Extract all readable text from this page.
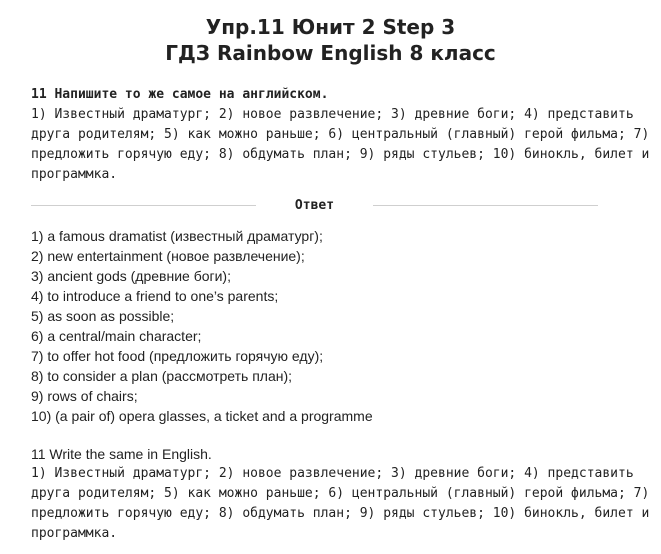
Упр.11 Юнит 2 Step 3
ГДЗ Rainbow English 8 класс

11 Напишите то же самое на английском.

1) Известный драматург; 2) новое развлечение; 3) древние боги; 4) представить
друга родителям; 5) как можно раньше; 6) центральный (главный) герой фильма; 7)
предложить горячую еду; 8) обдумать план; 9) ряды стульев; 10) бинокль, билет и
программка.

Ответ
1) a famous dramatist (известный драматург);
2) new entertainment (новое развлечение);
3) ancient gods (древние боги);
4) to introduce a friend to one’s parents;
5) as soon as possible;
6) a central/main character;
7) to offer hot food (предложить горячую еду);
8) to consider a plan (рассмотреть план);
9) rows of chairs;
10) (a pair of) opera glasses, a ticket and a programme

11 Write the same in English.

1) Известный драматург; 2) новое развлечение; 3) древние боги; 4) представить
друга родителям; 5) как можно раньше; 6) центральный (главный) герой фильма; 7)
предложить горячую еду; 8) обдумать план; 9) ряды стульев; 10) бинокль, билет и
программка.
